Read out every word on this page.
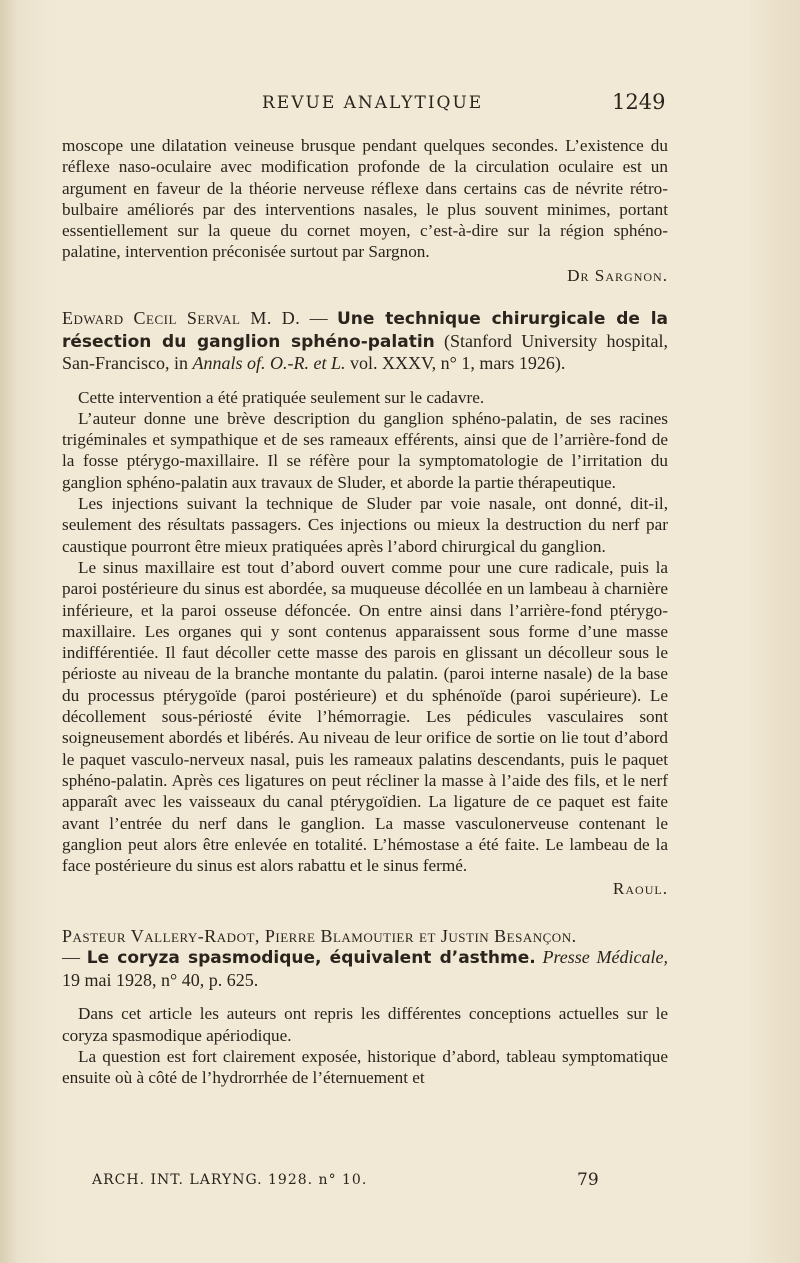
REVUE ANALYTIQUE	1249

moscope une dilatation veineuse brusque pendant quelques secondes. L’existence du réflexe naso-oculaire avec modification profonde de la circulation oculaire est un argument en faveur de la théorie nerveuse réflexe dans certains cas de névrite rétro-bulbaire améliorés par des interventions nasales, le plus souvent minimes, portant essentiellement sur la queue du cornet moyen, c’est-à-dire sur la région sphéno-palatine, intervention préconisée surtout par Sargnon.

Dr Sargnon.

Edward Cecil Serval M. D. — Une technique chirurgicale de la résection du ganglion sphéno-palatin (Stanford University hospital, San-Francisco, in Annals of. O.-R. et L. vol. XXXV, n° 1, mars 1926).

Cette intervention a été pratiquée seulement sur le cadavre.

L’auteur donne une brève description du ganglion sphéno-palatin, de ses racines trigéminales et sympathique et de ses rameaux efférents, ainsi que de l’arrière-fond de la fosse ptérygo-maxillaire. Il se réfère pour la symptomatologie de l’irritation du ganglion sphéno-palatin aux travaux de Sluder, et aborde la partie thérapeutique.

Les injections suivant la technique de Sluder par voie nasale, ont donné, dit-il, seulement des résultats passagers. Ces injections ou mieux la destruction du nerf par caustique pourront être mieux pratiquées après l’abord chirurgical du ganglion.

Le sinus maxillaire est tout d’abord ouvert comme pour une cure radicale, puis la paroi postérieure du sinus est abordée, sa muqueuse décollée en un lambeau à charnière inférieure, et la paroi osseuse défoncée. On entre ainsi dans l’arrière-fond ptérygo-maxillaire. Les organes qui y sont contenus apparaissent sous forme d’une masse indifférentiée. Il faut décoller cette masse des parois en glissant un décolleur sous le périoste au niveau de la branche montante du palatin. (paroi interne nasale) de la base du processus ptérygoïde (paroi postérieure) et du sphénoïde (paroi supérieure). Le décollement sous-périosté évite l’hémorragie. Les pédicules vasculaires sont soigneusement abordés et libérés. Au niveau de leur orifice de sortie on lie tout d’abord le paquet vasculo-nerveux nasal, puis les rameaux palatins descendants, puis le paquet sphéno-palatin. Après ces ligatures on peut récliner la masse à l’aide des fils, et le nerf apparaît avec les vaisseaux du canal ptérygoïdien. La ligature de ce paquet est faite avant l’entrée du nerf dans le ganglion. La masse vasculonerveuse contenant le ganglion peut alors être enlevée en totalité. L’hémostase a été faite. Le lambeau de la face postérieure du sinus est alors rabattu et le sinus fermé.

Raoul.

Pasteur Vallery-Radot, Pierre Blamoutier et Justin Besançon.
— Le coryza spasmodique, équivalent d’asthme. Presse Médicale, 19 mai 1928, n° 40, p. 625.

Dans cet article les auteurs ont repris les différentes conceptions actuelles sur le coryza spasmodique apériodique.

La question est fort clairement exposée, historique d’abord, tableau symptomatique ensuite où à côté de l’hydrorrhée de l’éternuement et

ARCH. INT. LARYNG. 1928. n° 10.	79
